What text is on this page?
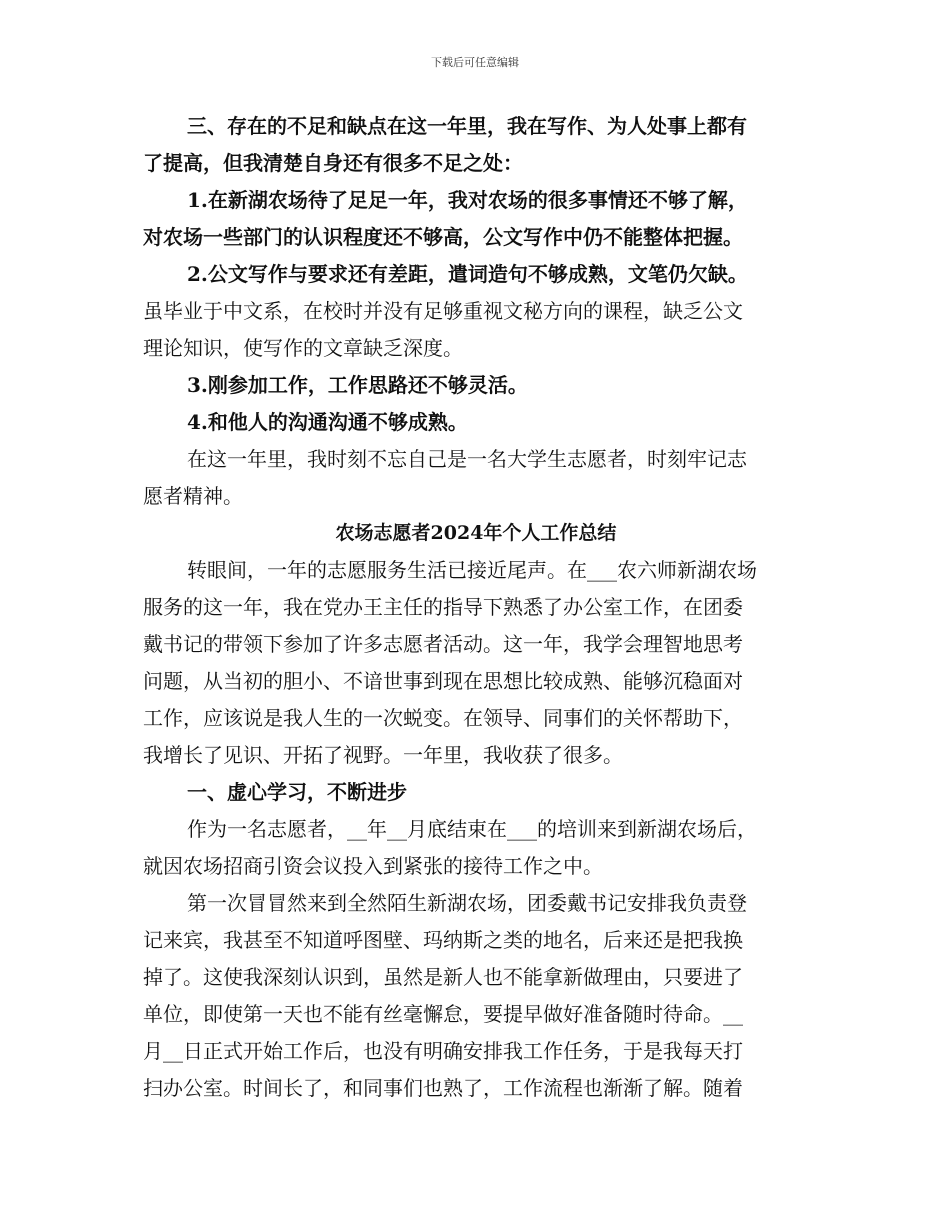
下载后可任意编辑
三、存在的不足和缺点在这一年里，我在写作、为人处事上都有
了提高，但我清楚自身还有很多不足之处：
1.在新湖农场待了足足一年，我对农场的很多事情还不够了解，
对农场一些部门的认识程度还不够高，公文写作中仍不能整体把握。
2.公文写作与要求还有差距，遣词造句不够成熟，文笔仍欠缺。
虽毕业于中文系，在校时并没有足够重视文秘方向的课程，缺乏公文
理论知识，使写作的文章缺乏深度。
3.刚参加工作，工作思路还不够灵活。
4.和他人的沟通沟通不够成熟。
在这一年里，我时刻不忘自己是一名大学生志愿者，时刻牢记志
愿者精神。
农场志愿者2024年个人工作总结
转眼间，一年的志愿服务生活已接近尾声。在___农六师新湖农场
服务的这一年，我在党办王主任的指导下熟悉了办公室工作，在团委
戴书记的带领下参加了许多志愿者活动。这一年，我学会理智地思考
问题，从当初的胆小、不谙世事到现在思想比较成熟、能够沉稳面对
工作，应该说是我人生的一次蜕变。在领导、同事们的关怀帮助下，
我增长了见识、开拓了视野。一年里，我收获了很多。
一、虚心学习，不断进步
作为一名志愿者，__年__月底结束在___的培训来到新湖农场后，
就因农场招商引资会议投入到紧张的接待工作之中。
第一次冒冒然来到全然陌生新湖农场，团委戴书记安排我负责登
记来宾，我甚至不知道呼图壁、玛纳斯之类的地名，后来还是把我换
掉了。这使我深刻认识到，虽然是新人也不能拿新做理由，只要进了
单位，即使第一天也不能有丝毫懈怠，要提早做好准备随时待命。__
月__日正式开始工作后，也没有明确安排我工作任务，于是我每天打
扫办公室。时间长了，和同事们也熟了，工作流程也渐渐了解。随着
